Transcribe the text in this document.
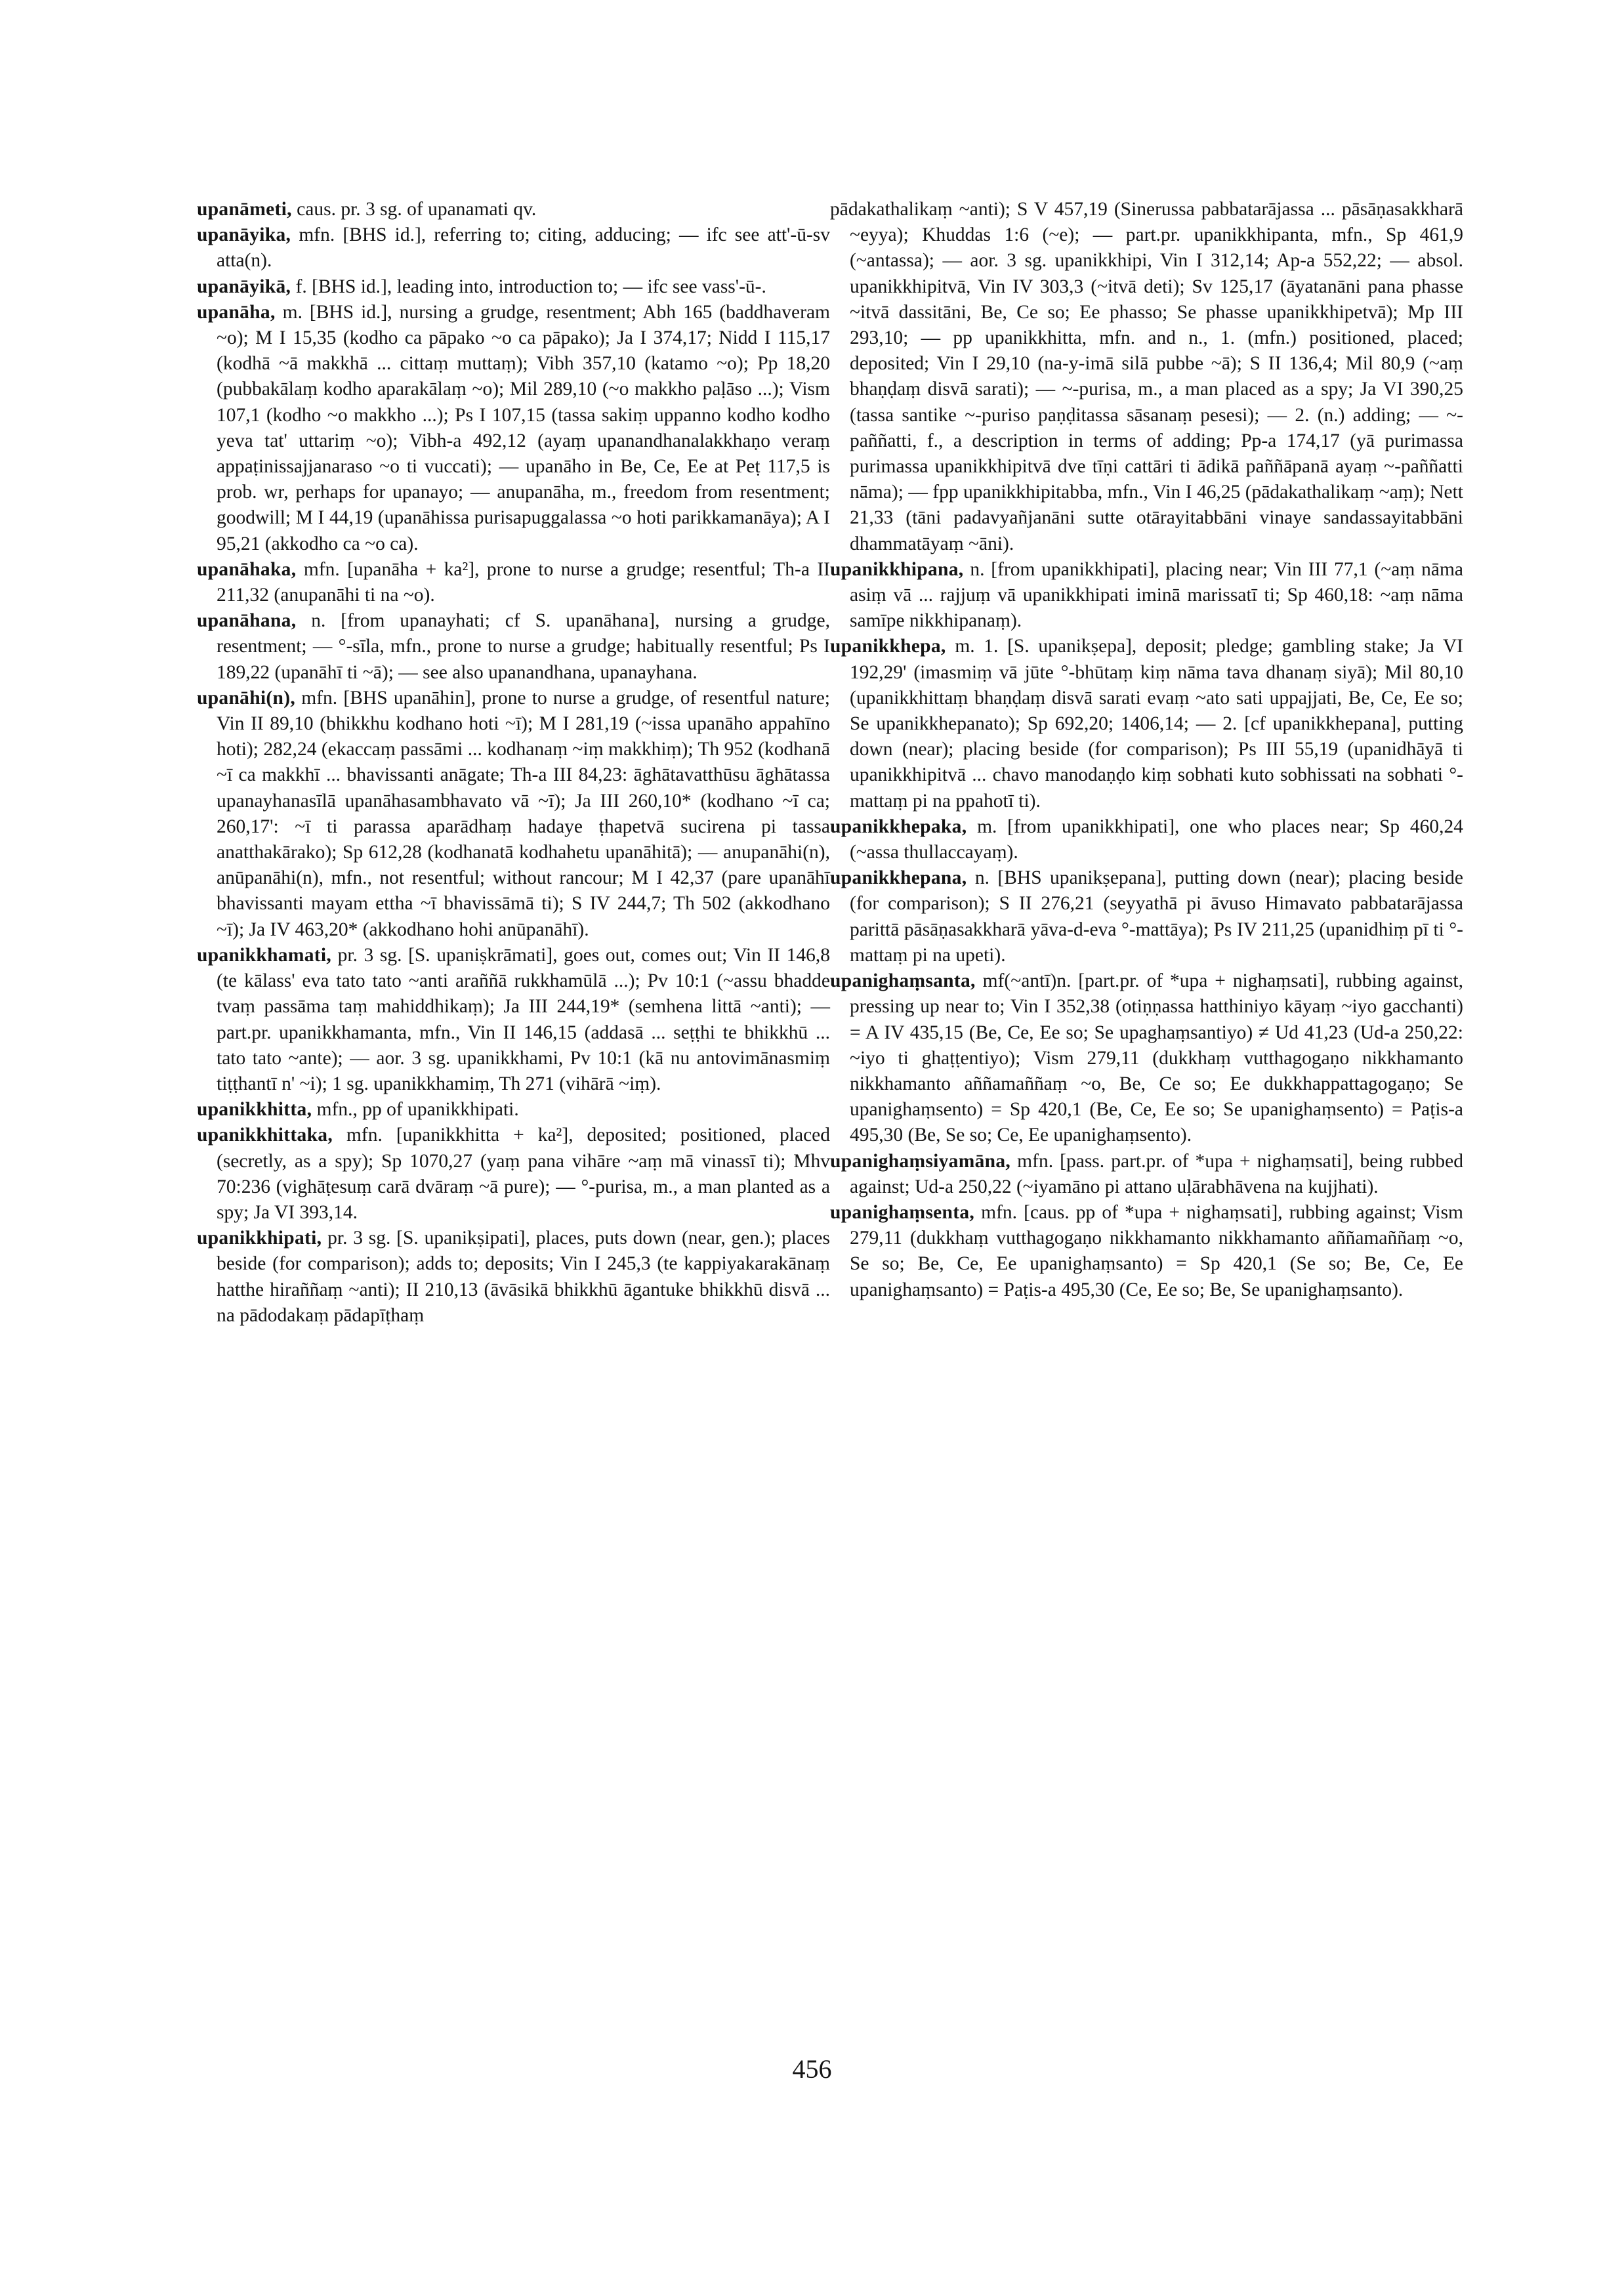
upanāmeti, caus. pr. 3 sg. of upanamati qv.

upanāyika, mfn. [BHS id.], referring to; citing, adducing; — ifc see att'-ū-sv atta(n).

upanāyikā, f. [BHS id.], leading into, introduction to; — ifc see vass'-ū-.

upanāha, m. [BHS id.], nursing a grudge, resentment; Abh 165 (baddhaveram ~o); M I 15,35 (kodho ca pāpako ~o ca pāpako); Ja I 374,17; Nidd I 115,17 (kodhā ~ā makkhā ... cittaṃ muttaṃ); Vibh 357,10 (katamo ~o); Pp 18,20 (pubbakālaṃ kodho aparakālaṃ ~o); Mil 289,10 (~o makkho paḷāso ...); Vism 107,1 (kodho ~o makkho ...); Ps I 107,15 (tassa sakiṃ uppanno kodho kodho yeva tat' uttariṃ ~o); Vibh-a 492,12 (ayaṃ upanandhanalakkhaṇo veraṃ appaṭinissajjanaraso ~o ti vuccati); — upanāho in Be, Ce, Ee at Peṭ 117,5 is prob. wr, perhaps for upanayo; — anupanāha, m., freedom from resentment; goodwill; M I 44,19 (upanāhissa purisapuggalassa ~o hoti parikkamanāya); A I 95,21 (akkodho ca ~o ca).

upanāhaka, mfn. [upanāha + ka²], prone to nurse a grudge; resentful; Th-a II 211,32 (anupanāhi ti na ~o).

upanāhana, n. [from upanayhati; cf S. upanāhana], nursing a grudge, resentment; — °-sīla, mfn., prone to nurse a grudge; habitually resentful; Ps I 189,22 (upanāhī ti ~ā); — see also upanandhana, upanayhana.

upanāhi(n), mfn. [BHS upanāhin], prone to nurse a grudge, of resentful nature; Vin II 89,10 (bhikkhu kodhano hoti ~ī); M I 281,19 (~issa upanāho appahīno hoti); 282,24 (ekaccaṃ passāmi ... kodhanaṃ ~iṃ makkhiṃ); Th 952 (kodhanā ~ī ca makkhī ... bhavissanti anāgate; Th-a III 84,23: āghātavatthūsu āghātassa upanayhanasīlā upanāhasambhavato vā ~ī); Ja III 260,10* (kodhano ~ī ca; 260,17': ~ī ti parassa aparādhaṃ hadaye ṭhapetvā sucirena pi tassa anatthakārako); Sp 612,28 (kodhanatā kodhahetu upanāhitā); — anupanāhi(n), anūpanāhi(n), mfn., not resentful; without rancour; M I 42,37 (pare upanāhī bhavissanti mayam ettha ~ī bhavissāmā ti); S IV 244,7; Th 502 (akkodhano ~ī); Ja IV 463,20* (akkodhano hohi anūpanāhī).

upanikkhamati, pr. 3 sg. [S. upaniṣkrāmati], goes out, comes out; Vin II 146,8 (te kālass' eva tato tato ~anti araññā rukkhamūlā ...); Pv 10:1 (~assu bhadde tvaṃ passāma taṃ mahiddhikaṃ); Ja III 244,19* (semhena littā ~anti); — part.pr. upanikkhamanta, mfn., Vin II 146,15 (addasā ... seṭṭhi te bhikkhū ... tato tato ~ante); — aor. 3 sg. upanikkhami, Pv 10:1 (kā nu antovimānasmiṃ tiṭṭhantī n' ~i); 1 sg. upanikkhamiṃ, Th 271 (vihārā ~iṃ).

upanikkhitta, mfn., pp of upanikkhipati.

upanikkhittaka, mfn. [upanikkhitta + ka²], deposited; positioned, placed (secretly, as a spy); Sp 1070,27 (yaṃ pana vihāre ~aṃ mā vinassī ti); Mhv 70:236 (vighāṭesuṃ carā dvāraṃ ~ā pure); — °-purisa, m., a man planted as a spy; Ja VI 393,14.

upanikkhipati, pr. 3 sg. [S. upanikṣipati], places, puts down (near, gen.); places beside (for comparison); adds to; deposits; Vin I 245,3 (te kappiyakarakānaṃ hatthe hiraññaṃ ~anti); II 210,13 (āvāsikā bhikkhū āgantuke bhikkhū disvā ... na pādodakaṃ pādapīṭhaṃ

pādakathalikaṃ ~anti); S V 457,19 (Sinerussa pabbatarājassa ... pāsāṇasakkharā ~eyya); Khuddas 1:6 (~e); — part.pr. upanikkhipanta, mfn., Sp 461,9 (~antassa); — aor. 3 sg. upanikkhipi, Vin I 312,14; Ap-a 552,22; — absol. upanikkhipitvā, Vin IV 303,3 (~itvā deti); Sv 125,17 (āyatanāni pana phasse ~itvā dassitāni, Be, Ce so; Ee phasso; Se phasse upanikkhipetvā); Mp III 293,10; — pp upanikkhitta, mfn. and n., 1. (mfn.) positioned, placed; deposited; Vin I 29,10 (na-y-imā silā pubbe ~ā); S II 136,4; Mil 80,9 (~aṃ bhaṇḍaṃ disvā sarati); — ~-purisa, m., a man placed as a spy; Ja VI 390,25 (tassa santike ~-puriso paṇḍitassa sāsanaṃ pesesi); — 2. (n.) adding; — ~-paññatti, f., a description in terms of adding; Pp-a 174,17 (yā purimassa purimassa upanikkhipitvā dve tīṇi cattāri ti ādikā paññāpanā ayaṃ ~-paññatti nāma); — fpp upanikkhipitabba, mfn., Vin I 46,25 (pādakathalikaṃ ~aṃ); Nett 21,33 (tāni padavyañjanāni sutte otārayitabbāni vinaye sandassayitabbāni dhammatāyaṃ ~āni).

upanikkhipana, n. [from upanikkhipati], placing near; Vin III 77,1 (~aṃ nāma asiṃ vā ... rajjuṃ vā upanikkhipati iminā marissatī ti; Sp 460,18: ~aṃ nāma samīpe nikkhipanaṃ).

upanikkhepa, m. 1. [S. upanikṣepa], deposit; pledge; gambling stake; Ja VI 192,29' (imasmiṃ vā jūte °-bhūtaṃ kiṃ nāma tava dhanaṃ siyā); Mil 80,10 (upanikkhittaṃ bhaṇḍaṃ disvā sarati evaṃ ~ato sati uppajjati, Be, Ce, Ee so; Se upanikkhepanato); Sp 692,20; 1406,14; — 2. [cf upanikkhepana], putting down (near); placing beside (for comparison); Ps III 55,19 (upanidhāyā ti upanikkhipitvā ... chavo manodaṇḍo kiṃ sobhati kuto sobhissati na sobhati °-mattaṃ pi na ppahotī ti).

upanikkhepaka, m. [from upanikkhipati], one who places near; Sp 460,24 (~assa thullaccayaṃ).

upanikkhepana, n. [BHS upanikṣepana], putting down (near); placing beside (for comparison); S II 276,21 (seyyathā pi āvuso Himavato pabbatarājassa parittā pāsāṇasakkharā yāva-d-eva °-mattāya); Ps IV 211,25 (upanidhiṃ pī ti °-mattaṃ pi na upeti).

upanighaṃsanta, mf(~antī)n. [part.pr. of *upa + nighaṃsati], rubbing against, pressing up near to; Vin I 352,38 (otiṇṇassa hatthiniyo kāyaṃ ~iyo gacchanti) = A IV 435,15 (Be, Ce, Ee so; Se upaghaṃsantiyo) ≠ Ud 41,23 (Ud-a 250,22: ~iyo ti ghaṭṭentiyo); Vism 279,11 (dukkhaṃ vutthagogaṇo nikkhamanto nikkhamanto aññamaññaṃ ~o, Be, Ce so; Ee dukkhappattagogaṇo; Se upanighaṃsento) = Sp 420,1 (Be, Ce, Ee so; Se upanighaṃsento) = Paṭis-a 495,30 (Be, Se so; Ce, Ee upanighaṃsento).

upanighaṃsiyamāna, mfn. [pass. part.pr. of *upa + nighaṃsati], being rubbed against; Ud-a 250,22 (~iyamāno pi attano uḷārabhāvena na kujjhati).

upanighaṃsenta, mfn. [caus. pp of *upa + nighaṃsati], rubbing against; Vism 279,11 (dukkhaṃ vutthagogaṇo nikkhamanto nikkhamanto aññamaññaṃ ~o, Se so; Be, Ce, Ee upanighaṃsanto) = Sp 420,1 (Se so; Be, Ce, Ee upanighaṃsanto) = Paṭis-a 495,30 (Ce, Ee so; Be, Se upanighaṃsanto).

456
